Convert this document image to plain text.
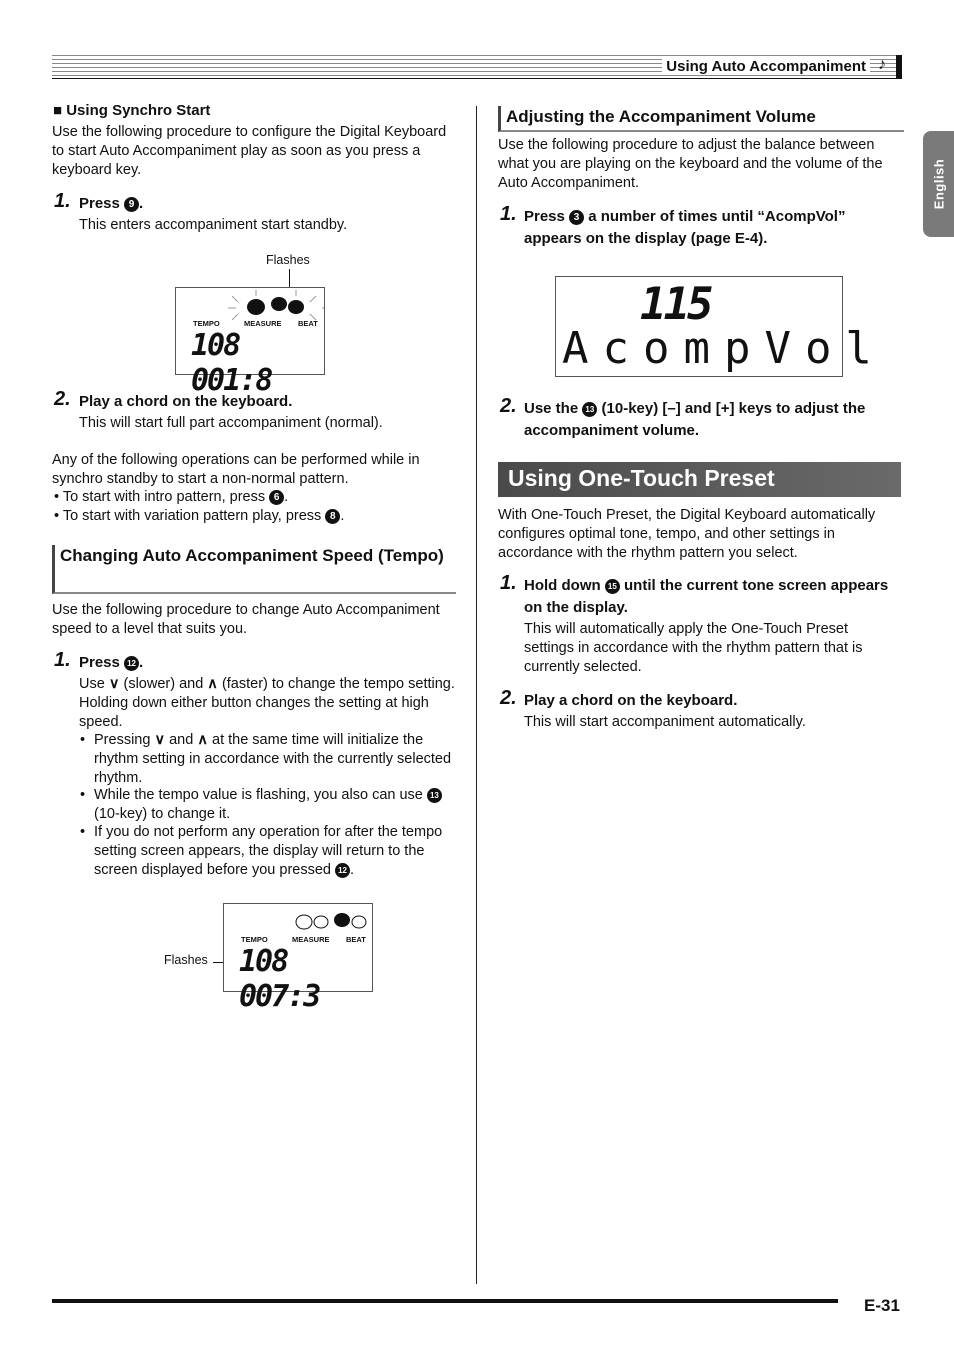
Using Auto Accompaniment ♪
English
■ Using Synchro Start
Use the following procedure to configure the Digital Keyboard to start Auto Accompaniment play as soon as you press a keyboard key.
1. Press 9 .
This enters accompaniment start standby.
Flashes
TEMPO	MEASURE BEAT
108 001:8
2. Play a chord on the keyboard.
This will start full part accompaniment (normal).
Any of the following operations can be performed while in synchro standby to start a non-normal pattern.
• To start with intro pattern, press 6 .
• To start with variation pattern play, press 8 .
Changing Auto Accompaniment Speed (Tempo)
Use the following procedure to change Auto Accompaniment speed to a level that suits you.
1. Press 12 .
Use ∨ (slower) and ∧ (faster) to change the tempo setting. Holding down either button changes the setting at high speed.
• Pressing ∨ and ∧ at the same time will initialize the rhythm setting in accordance with the currently selected rhythm.
• While the tempo value is flashing, you also can use 13 (10-key) to change it.
• If you do not perform any operation for after the tempo setting screen appears, the display will return to the screen displayed before you pressed 12 .
Flashes
TEMPO	MEASURE BEAT
108 007:3
Adjusting the Accompaniment Volume
Use the following procedure to adjust the balance between what you are playing on the keyboard and the volume of the Auto Accompaniment.
1. Press 3 a number of times until “AcompVol” appears on the display (page E-4).
115
AcompVol
2. Use the 13 (10-key) [–] and [+] keys to adjust the accompaniment volume.
Using One-Touch Preset
With One-Touch Preset, the Digital Keyboard automatically configures optimal tone, tempo, and other settings in accordance with the rhythm pattern you select.
1. Hold down 15 until the current tone screen appears on the display.
This will automatically apply the One-Touch Preset settings in accordance with the rhythm pattern that is currently selected.
2. Play a chord on the keyboard.
This will start accompaniment automatically.
E-31
